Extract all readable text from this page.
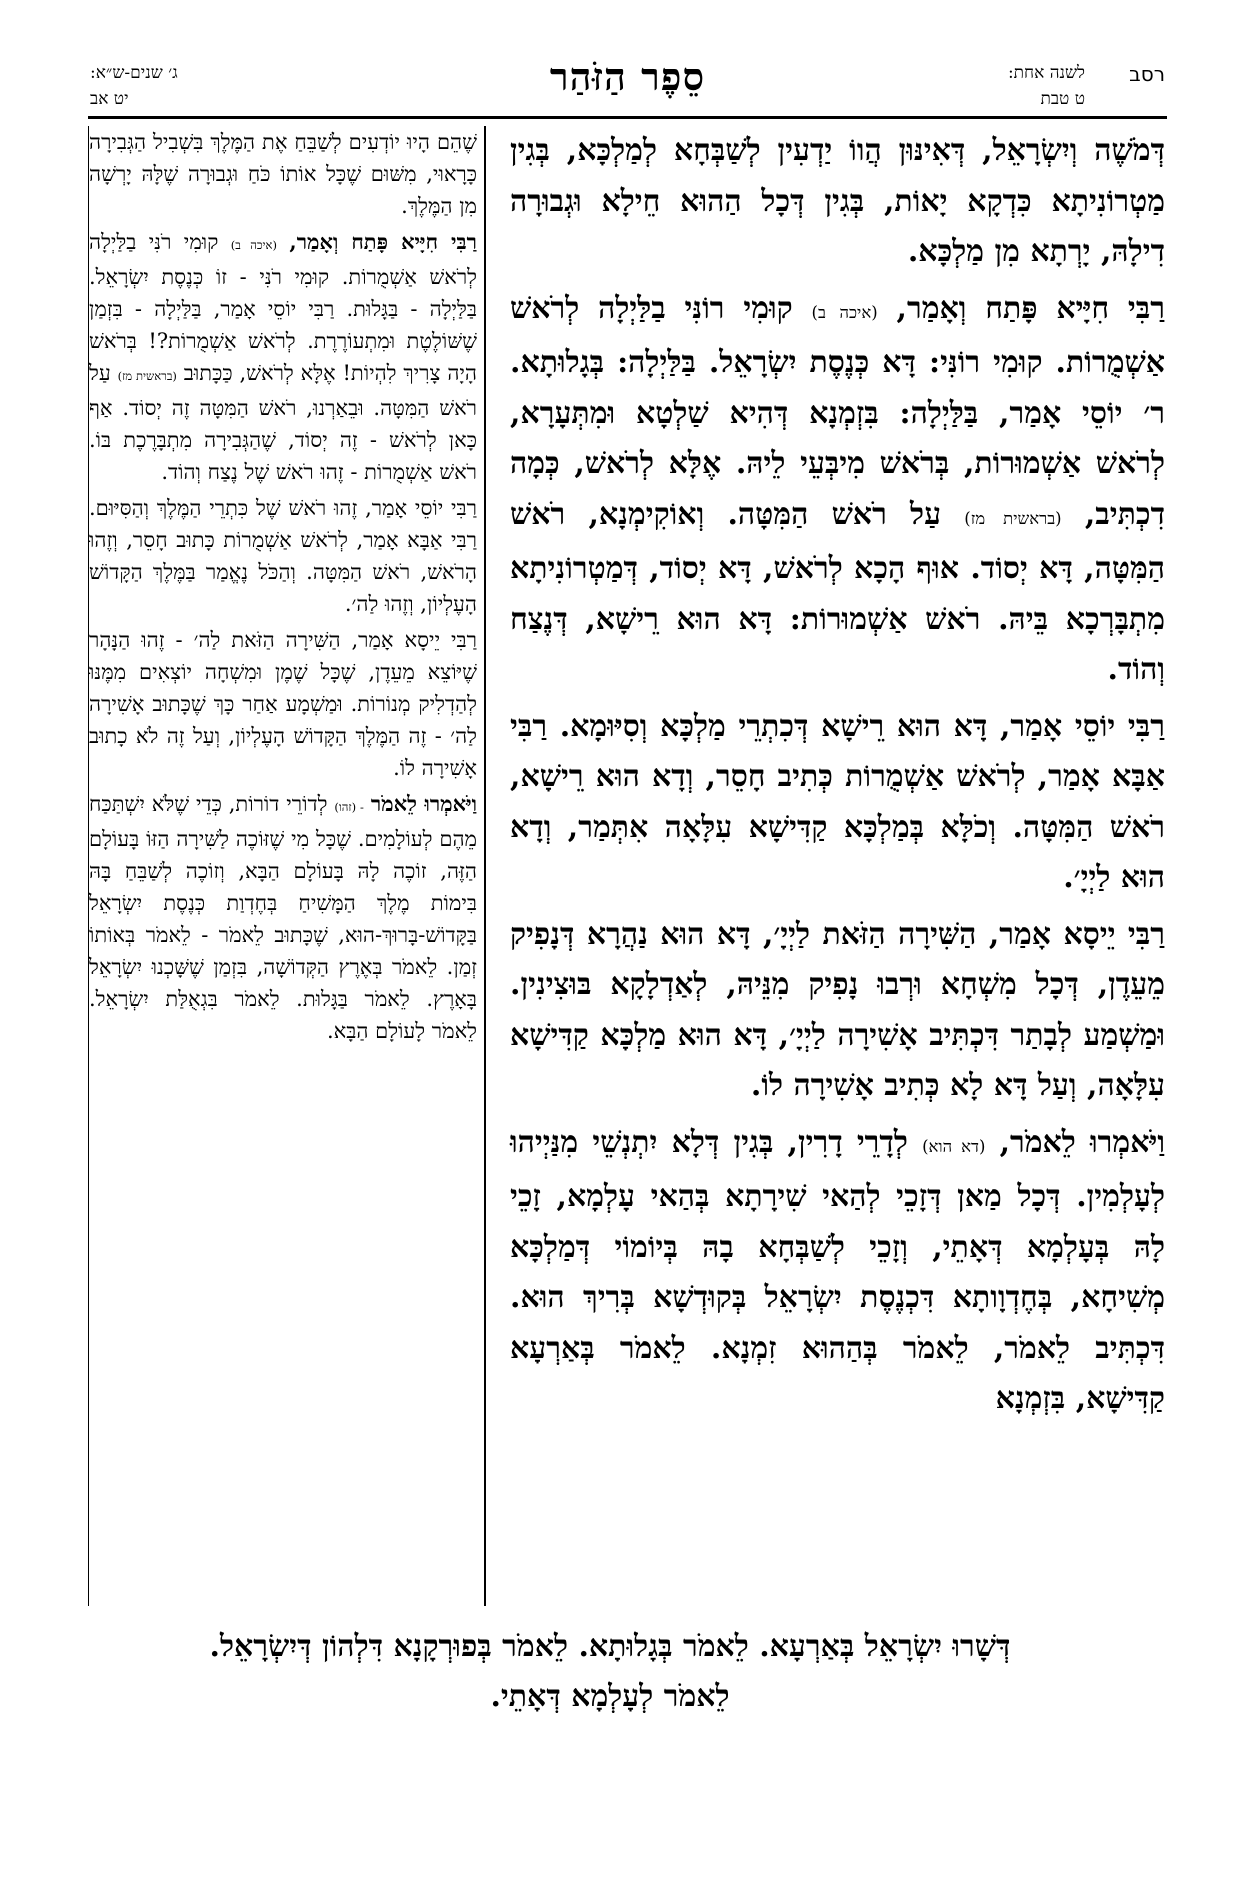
רסב
לשנה אחת:
ט טבת
סֵפֶר הַזֹּהַר
ג׳ שנים-ש״א:
יט אב

דְּמֹשֶׁה וְיִשְׂרָאֵל, דְּאִינּוּן הֲווֹ יַדְעִין לְשַׁבְּחָא לְמַלְכָּא, בְּגִין מַטְרוֹנִיתָא כִּדְקָא יָאוֹת, בְּגִין דְּכָל הַהוּא חֵילָא וּגְבוּרָה דִילָהּ, יָרְתָא מִן מַלְכָּא.

רַבִּי חִיָּיא פָּתַח וְאָמַר, (איכה ב) קוּמִי רוֹנִּי בַלַּיְלָה לְרֹאשׁ אַשְׁמֻרוֹת. קוּמִי רוֹנִּי: דָּא כְּנֶסֶת יִשְׂרָאֵל. בַּלַּיְלָה: בְּגָלוּתָא. ר׳ יוֹסֵי אָמַר, בַּלַּיְלָה: בִּזְמְנָא דְּהִיא שַׁלְטָא וּמִתְּעָרָא, לְרֹאשׁ אַשְׁמוּרוֹת, בְּרֹאשׁ מִיבְּעֵי לֵיהּ. אֶלָּא לְרֹאשׁ, כְּמָה דִכְתִּיב, (בראשית מז) עַל רֹאשׁ הַמִּטָּה. וְאוֹקִימְנָא, רֹאשׁ הַמִּטָּה, דָּא יְסוֹד. אוּף הָכָא לְרֹאשׁ, דָּא יְסוֹד, דְּמַטְרוֹנִיתָא מִתְבָּרְכָא בֵּיהּ. רֹאשׁ אַשְׁמוּרוֹת: דָּא הוּא רֵישָׁא, דְּנֶצַח וְהוֹד.

רַבִּי יוֹסֵי אָמַר, דָּא הוּא רֵישָׁא דְּכִתְרֵי מַלְכָּא וְסִיּוּמָא. רַבִּי אַבָּא אָמַר, לְרֹאשׁ אַשְׁמֻרוֹת כְּתִיב חָסֵר, וְדָא הוּא רֵישָׁא, רֹאשׁ הַמִּטָּה. וְכֹלָּא בְּמַלְכָּא קַדִּישָׁא עִלָּאָה אִתְּמַר, וְדָא הוּא לַיְיָ׳.

רַבִּי יֵיסָא אָמַר, הַשִּׁירָה הַזֹּאת לַיְיָ׳, דָּא הוּא נַהֲרָא דְּנָפִיק מֵעֵדֶן, דְּכָל מִשְׁחָא וּרְבוּ נָפִיק מִנֵּיהּ, לְאַדְלָקָא בּוּצִינִין. וּמַשְׁמַע לְבָתַר דִּכְתִּיב אָשִׁירָה לַיְיָ׳, דָּא הוּא מַלְכָּא קַדִּישָׁא עִלָּאָה, וְעַל דָּא לָא כְּתִיב אָשִׁירָה לוֹ.

וַיֹּאמְרוּ לֵאמֹר, (דא הוא) לְדָרֵי דָרִין, בְּגִין דְּלָא יִתְנְשֵׁי מִנַּיְיהוּ לְעָלְמִין. דְּכָל מַאן דְּזָכֵי לְהַאי שִׁירָתָא בְּהַאי עָלְמָא, זָכֵי לָהּ בְּעָלְמָא דְּאָתֵי, וְזָכֵי לְשַׁבְּחָא בָהּ בְּיוֹמוֹי דְּמַלְכָּא מְשִׁיחָא, בְּחֶדְוָותָא דִּכְנֶסֶת יִשְׂרָאֵל בְּקוּדְשָׁא בְּרִיךְ הוּא. דִּכְתִּיב לֵאמֹר, לֵאמֹר בְּהַהוּא זִמְנָא. לֵאמֹר בְּאַרְעָא קַדִּישָׁא, בִּזְמְנָא

שֶׁהֵם הָיוּ יוֹדְעִים לְשַׁבֵּחַ אֶת הַמֶּלֶךְ בִּשְׁבִיל הַגְּבִירָה כָּרָאוּי, מִשּׁוּם שֶׁכָּל אוֹתוֹ כֹּחַ וּגְבוּרָה שֶׁלָּהּ יָרְשָׁה מִן הַמֶּלֶךְ.

רַבִּי חִיָּיא פָּתַח וְאָמַר, (איכה ב) קוּמִי רֹנִּי בַלַּיְלָה לְרֹאשׁ אַשְׁמֻרוֹת. קוּמִי רֹנִּי - זוֹ כְּנֶסֶת יִשְׂרָאֵל. בַּלַּיְלָה - בַּגָּלוּת. רַבִּי יוֹסֵי אָמַר, בַּלַּיְלָה - בִּזְמַן שֶׁשּׁוֹלֶטֶת וּמִתְעוֹרֶרֶת. לְרֹאשׁ אַשְׁמֻרוֹת?! בְּרֹאשׁ הָיָה צָרִיךְ לִהְיוֹת! אֶלָּא לְרֹאשׁ, כַּכָּתוּב (בראשית מז) עַל רֹאשׁ הַמִּטָּה. וּבֵאַרְנוּ, רֹאשׁ הַמִּטָּה זֶה יְסוֹד. אַף כָּאן לְרֹאשׁ - זֶה יְסוֹד, שֶׁהַגְּבִירָה מִתְבָּרֶכֶת בּוֹ. רֹאשׁ אַשְׁמֻרוֹת - זֶהוּ רֹאשׁ שֶׁל נֶצַח וְהוֹד.

רַבִּי יוֹסֵי אָמַר, זֶהוּ רֹאשׁ שֶׁל כִּתְרֵי הַמֶּלֶךְ וְהַסִּיּוּם. רַבִּי אַבָּא אָמַר, לְרֹאשׁ אַשְׁמֻרוֹת כָּתוּב חָסֵר, וְזֶהוּ הָרֹאשׁ, רֹאשׁ הַמִּטָּה. וְהַכֹּל נֶאֱמַר בַּמֶּלֶךְ הַקָּדוֹשׁ הָעֶלְיוֹן, וְזֶהוּ לַה׳.

רַבִּי יֵיסָא אָמַר, הַשִּׁירָה הַזֹּאת לַה׳ - זֶהוּ הַנָּהָר שֶׁיּוֹצֵא מֵעֵדֶן, שֶׁכָּל שֶׁמֶן וּמִשְׁחָה יוֹצְאִים מִמֶּנּוּ לְהַדְלִיק מְנוֹרוֹת. וּמַשְׁמָע אַחַר כָּךְ שֶׁכָּתוּב אָשִׁירָה לַה׳ - זֶה הַמֶּלֶךְ הַקָּדוֹשׁ הָעֶלְיוֹן, וְעַל זֶה לֹא כָתוּב אָשִׁירָה לוֹ.

וַיֹּאמְרוּ לֵאמֹר - (זהו) לְדוֹרֵי דוֹרוֹת, כְּדֵי שֶׁלֹּא יִשְׁתַּכַּח מֵהֶם לְעוֹלָמִים. שֶׁכָּל מִי שֶׁזּוֹכֶה לַשִּׁירָה הַזּוֹ בָּעוֹלָם הַזֶּה, זוֹכֶה לָהּ בָּעוֹלָם הַבָּא, וְזוֹכֶה לְשַׁבֵּחַ בָּהּ בִּימוֹת מֶלֶךְ הַמָּשִׁיחַ בְּחֶדְוַת כְּנֶסֶת יִשְׂרָאֵל בַּקָּדוֹשׁ-בָּרוּךְ-הוּא, שֶׁכָּתוּב לֵאמֹר - לֵאמֹר בְּאוֹתוֹ זְמַן. לֵאמֹר בְּאֶרֶץ הַקְּדוֹשָׁה, בִּזְמַן שֶׁשָּׁכְנוּ יִשְׂרָאֵל בָּאָרֶץ. לֵאמֹר בַּגָּלוּת. לֵאמֹר בִּגְאֻלַּת יִשְׂרָאֵל. לֵאמֹר לָעוֹלָם הַבָּא.

דְּשָׁרוּ יִשְׂרָאֵל בְּאַרְעָא. לֵאמֹר בְּגָלוּתָא. לֵאמֹר בְּפוּרְקָנָא דִּלְהוֹן דְּיִשְׂרָאֵל.

לֵאמֹר לְעָלְמָא דְּאָתֵי.
